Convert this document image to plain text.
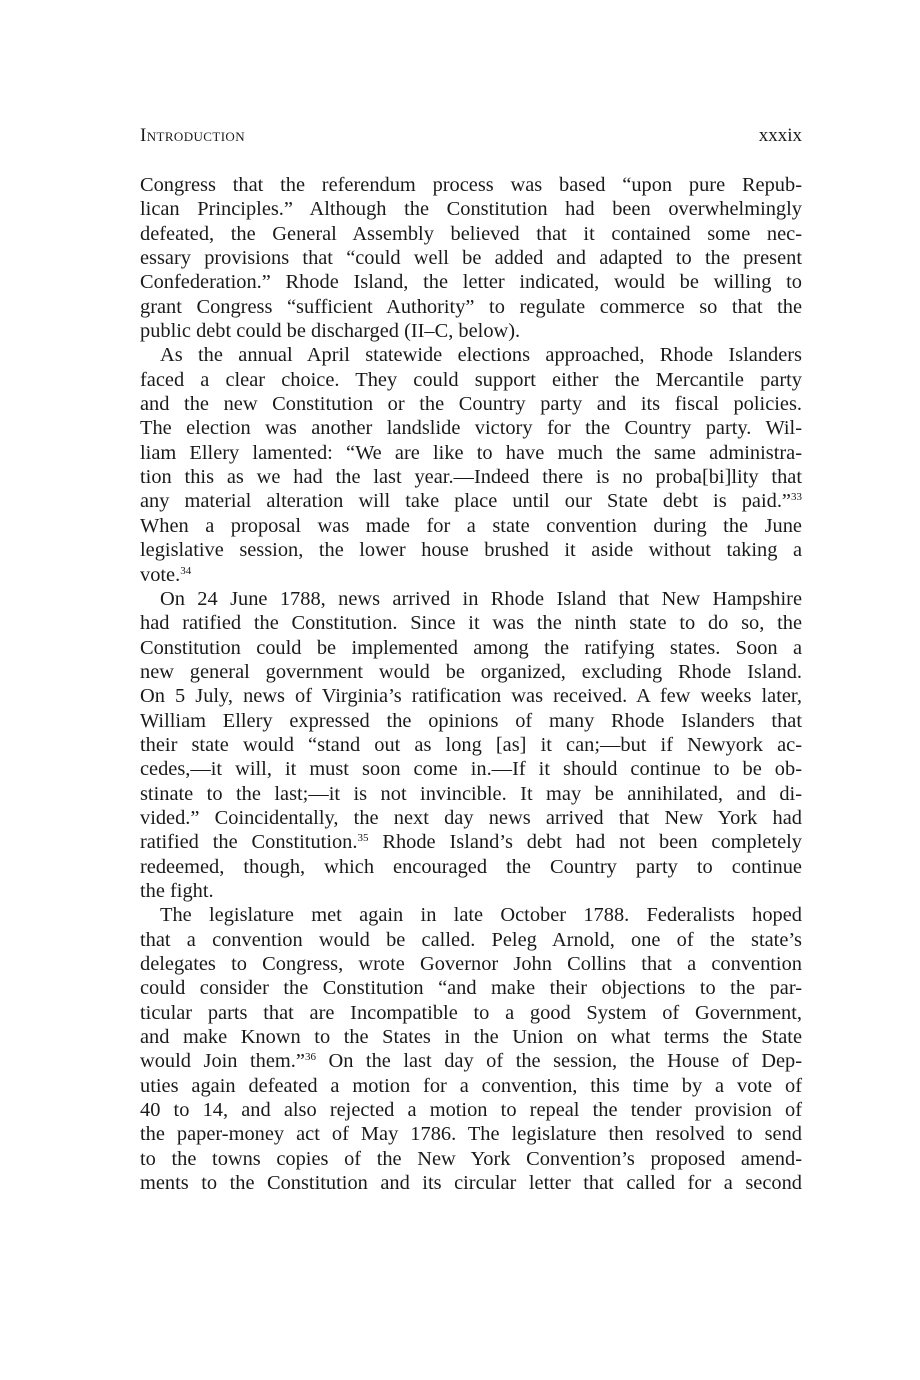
Introduction	xxxix
Congress that the referendum process was based “upon pure Repub-
lican Principles.” Although the Constitution had been overwhelmingly
defeated, the General Assembly believed that it contained some nec-
essary provisions that “could well be added and adapted to the present
Confederation.” Rhode Island, the letter indicated, would be willing to
grant Congress “sufficient Authority” to regulate commerce so that the
public debt could be discharged (II–C, below).
As the annual April statewide elections approached, Rhode Islanders
faced a clear choice. They could support either the Mercantile party
and the new Constitution or the Country party and its fiscal policies.
The election was another landslide victory for the Country party. Wil-
liam Ellery lamented: “We are like to have much the same administra-
tion this as we had the last year.—Indeed there is no proba[bi]lity that
any material alteration will take place until our State debt is paid.”$^{33}$
When a proposal was made for a state convention during the June
legislative session, the lower house brushed it aside without taking a
vote.$^{34}$
On 24 June 1788, news arrived in Rhode Island that New Hampshire
had ratified the Constitution. Since it was the ninth state to do so, the
Constitution could be implemented among the ratifying states. Soon a
new general government would be organized, excluding Rhode Island.
On 5 July, news of Virginia’s ratification was received. A few weeks later,
William Ellery expressed the opinions of many Rhode Islanders that
their state would “stand out as long [as] it can;—but if Newyork ac-
cedes,—it will, it must soon come in.—If it should continue to be ob-
stinate to the last;—it is not invincible. It may be annihilated, and di-
vided.” Coincidentally, the next day news arrived that New York had
ratified the Constitution.$^{35}$ Rhode Island’s debt had not been completely
redeemed, though, which encouraged the Country party to continue
the fight.
The legislature met again in late October 1788. Federalists hoped
that a convention would be called. Peleg Arnold, one of the state’s
delegates to Congress, wrote Governor John Collins that a convention
could consider the Constitution “and make their objections to the par-
ticular parts that are Incompatible to a good System of Government,
and make Known to the States in the Union on what terms the State
would Join them.”$^{36}$ On the last day of the session, the House of Dep-
uties again defeated a motion for a convention, this time by a vote of
40 to 14, and also rejected a motion to repeal the tender provision of
the paper-money act of May 1786. The legislature then resolved to send
to the towns copies of the New York Convention’s proposed amend-
ments to the Constitution and its circular letter that called for a second
